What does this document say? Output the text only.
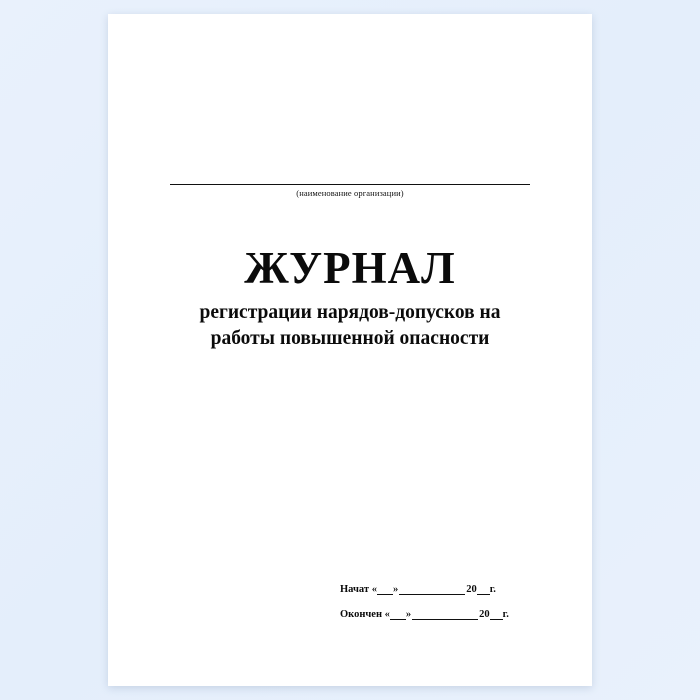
(наименование организации)
ЖУРНАЛ
регистрации нарядов-допусков на
работы повышенной опасности
Начат « »	20 г.
Окончен « »	20 г.
